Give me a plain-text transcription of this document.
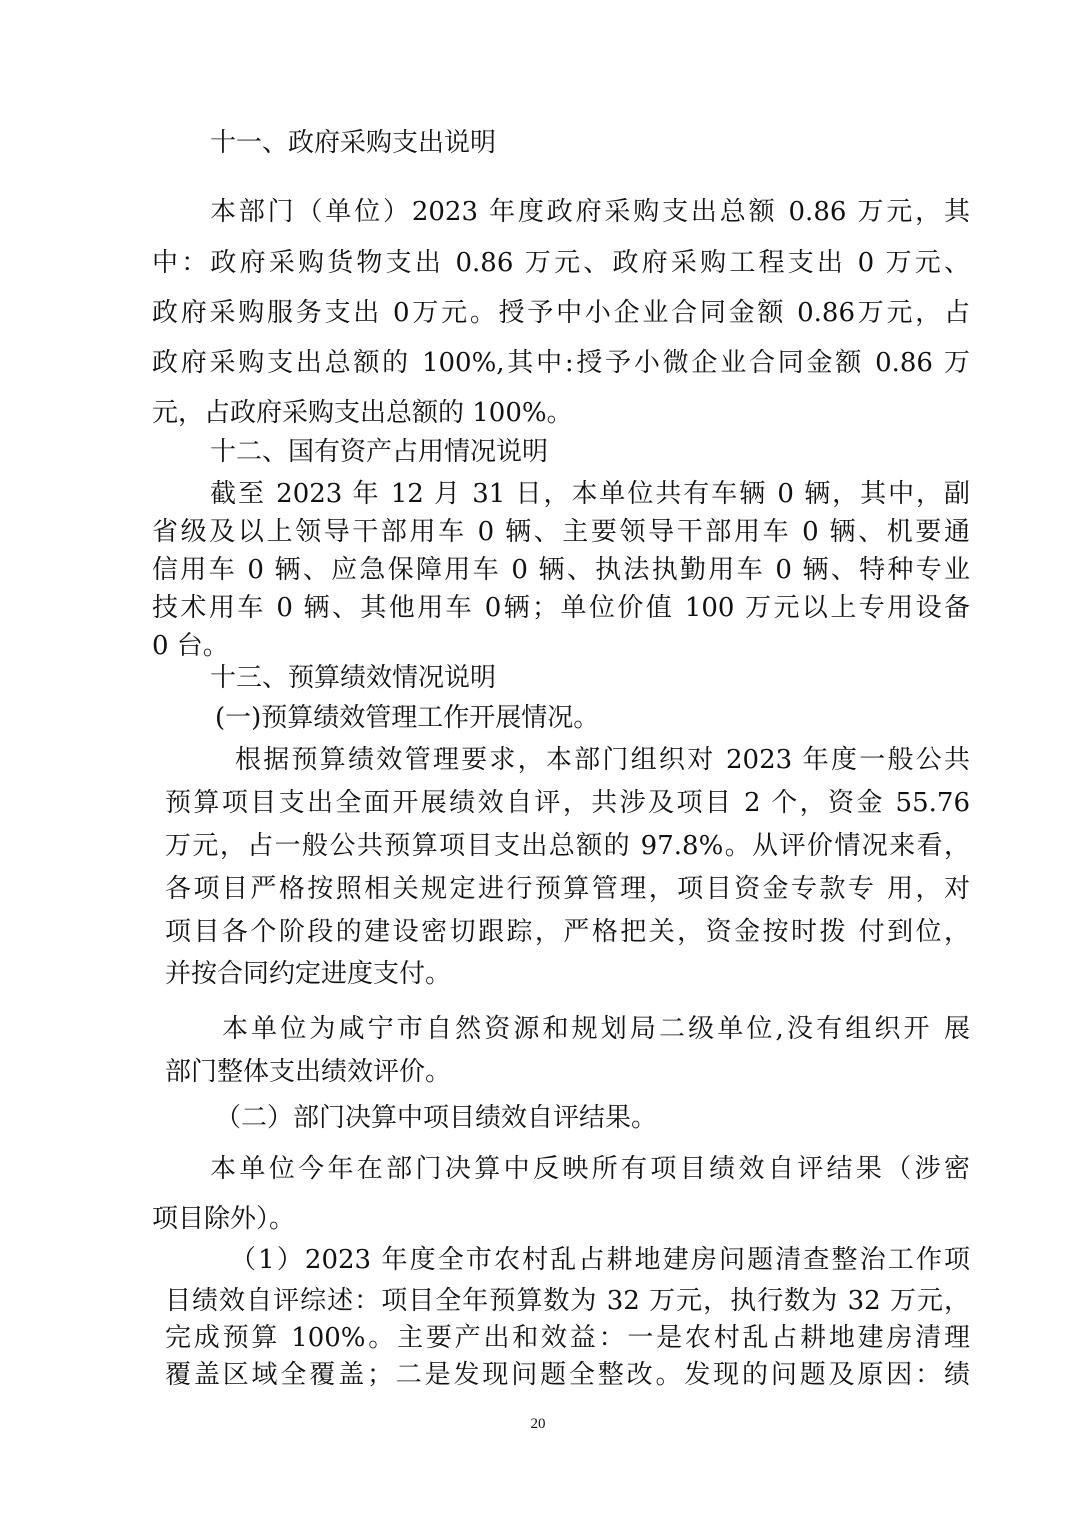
十一、政府采购支出说明
本部门（单位）2023 年度政府采购支出总额 0.86 万元，其
中：政府采购货物支出 0.86 万元、政府采购工程支出 0 万元、
政府采购服务支出 0万元。授予中小企业合同金额 0.86万元，占
政府采购支出总额的 100%,其中:授予小微企业合同金额 0.86 万
元，占政府采购支出总额的 100%。
十二、国有资产占用情况说明
截至 2023 年 12 月 31 日，本单位共有车辆 0 辆，其中，副
省级及以上领导干部用车 0 辆、主要领导干部用车 0 辆、机要通
信用车 0 辆、应急保障用车 0 辆、执法执勤用车 0 辆、特种专业
技术用车 0 辆、其他用车 0辆；单位价值 100 万元以上专用设备
0 台。
十三、预算绩效情况说明
(一)预算绩效管理工作开展情况。
根据预算绩效管理要求，本部门组织对 2023 年度一般公共
预算项目支出全面开展绩效自评，共涉及项目 2 个，资金 55.76
万元，占一般公共预算项目支出总额的 97.8%。从评价情况来看，
各项目严格按照相关规定进行预算管理，项目资金专款专 用，对
项目各个阶段的建设密切跟踪，严格把关，资金按时拨 付到位，
并按合同约定进度支付。
本单位为咸宁市自然资源和规划局二级单位,没有组织开 展
部门整体支出绩效评价。
（二）部门决算中项目绩效自评结果。
本单位今年在部门决算中反映所有项目绩效自评结果（涉密
项目除外）。
（1）2023 年度全市农村乱占耕地建房问题清查整治工作项
目绩效自评综述：项目全年预算数为 32 万元，执行数为 32 万元，
完成预算 100%。主要产出和效益：一是农村乱占耕地建房清理
覆盖区域全覆盖；二是发现问题全整改。发现的问题及原因：绩
20
